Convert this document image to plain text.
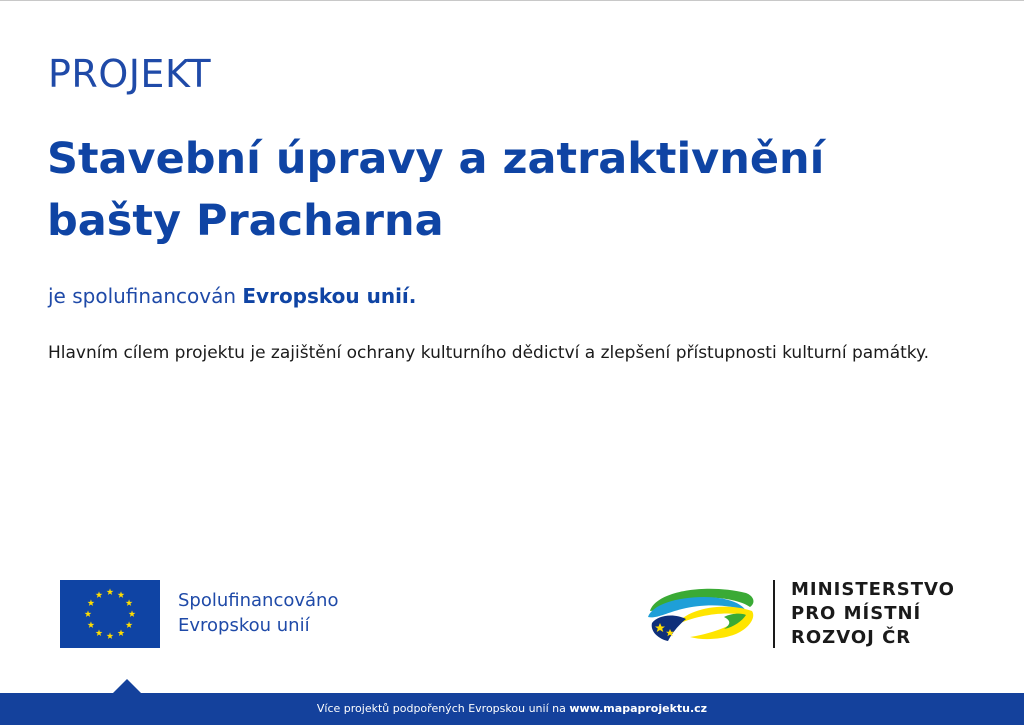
PROJEKT
Stavební úpravy a zatraktivnění
bašty Pracharna
je spolufinancován Evropskou unií.
Hlavním cílem projektu je zajištění ochrany kulturního dědictví a zlepšení přístupnosti kulturní památky.
Spolufinancováno
Evropskou unií
MINISTERSTVO
PRO MÍSTNÍ
ROZVOJ ČR
Více projektů podpořených Evropskou unií na www.mapaprojektu.cz
